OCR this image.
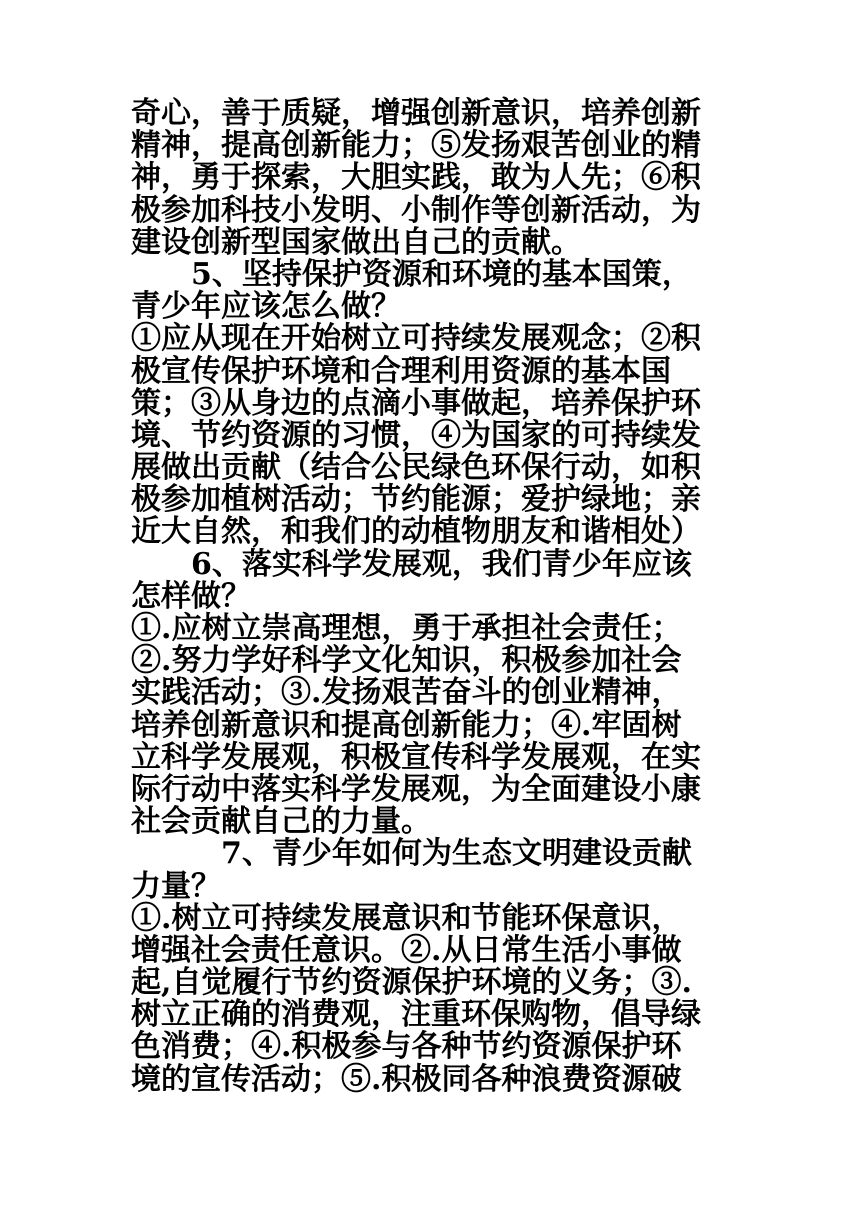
奇心，善于质疑，增强创新意识，培养创新
精神，提高创新能力；⑤发扬艰苦创业的精
神，勇于探索，大胆实践，敢为人先；⑥积
极参加科技小发明、小制作等创新活动，为
建设创新型国家做出自己的贡献。
5、坚持保护资源和环境的基本国策，
青少年应该怎么做？
①应从现在开始树立可持续发展观念；②积
极宣传保护环境和合理利用资源的基本国
策；③从身边的点滴小事做起，培养保护环
境、节约资源的习惯，④为国家的可持续发
展做出贡献（结合公民绿色环保行动，如积
极参加植树活动；节约能源；爱护绿地；亲
近大自然，和我们的动植物朋友和谐相处）
6、落实科学发展观，我们青少年应该
怎样做？
①.应树立崇高理想，勇于承担社会责任；
②.努力学好科学文化知识，积极参加社会
实践活动；③.发扬艰苦奋斗的创业精神，
培养创新意识和提高创新能力；④.牢固树
立科学发展观，积极宣传科学发展观，在实
际行动中落实科学发展观，为全面建设小康
社会贡献自己的力量。
7、青少年如何为生态文明建设贡献
力量？
①.树立可持续发展意识和节能环保意识，
增强社会责任意识。②.从日常生活小事做
起,自觉履行节约资源保护环境的义务；③.
树立正确的消费观，注重环保购物，倡导绿
色消费；④.积极参与各种节约资源保护环
境的宣传活动；⑤.积极同各种浪费资源破
